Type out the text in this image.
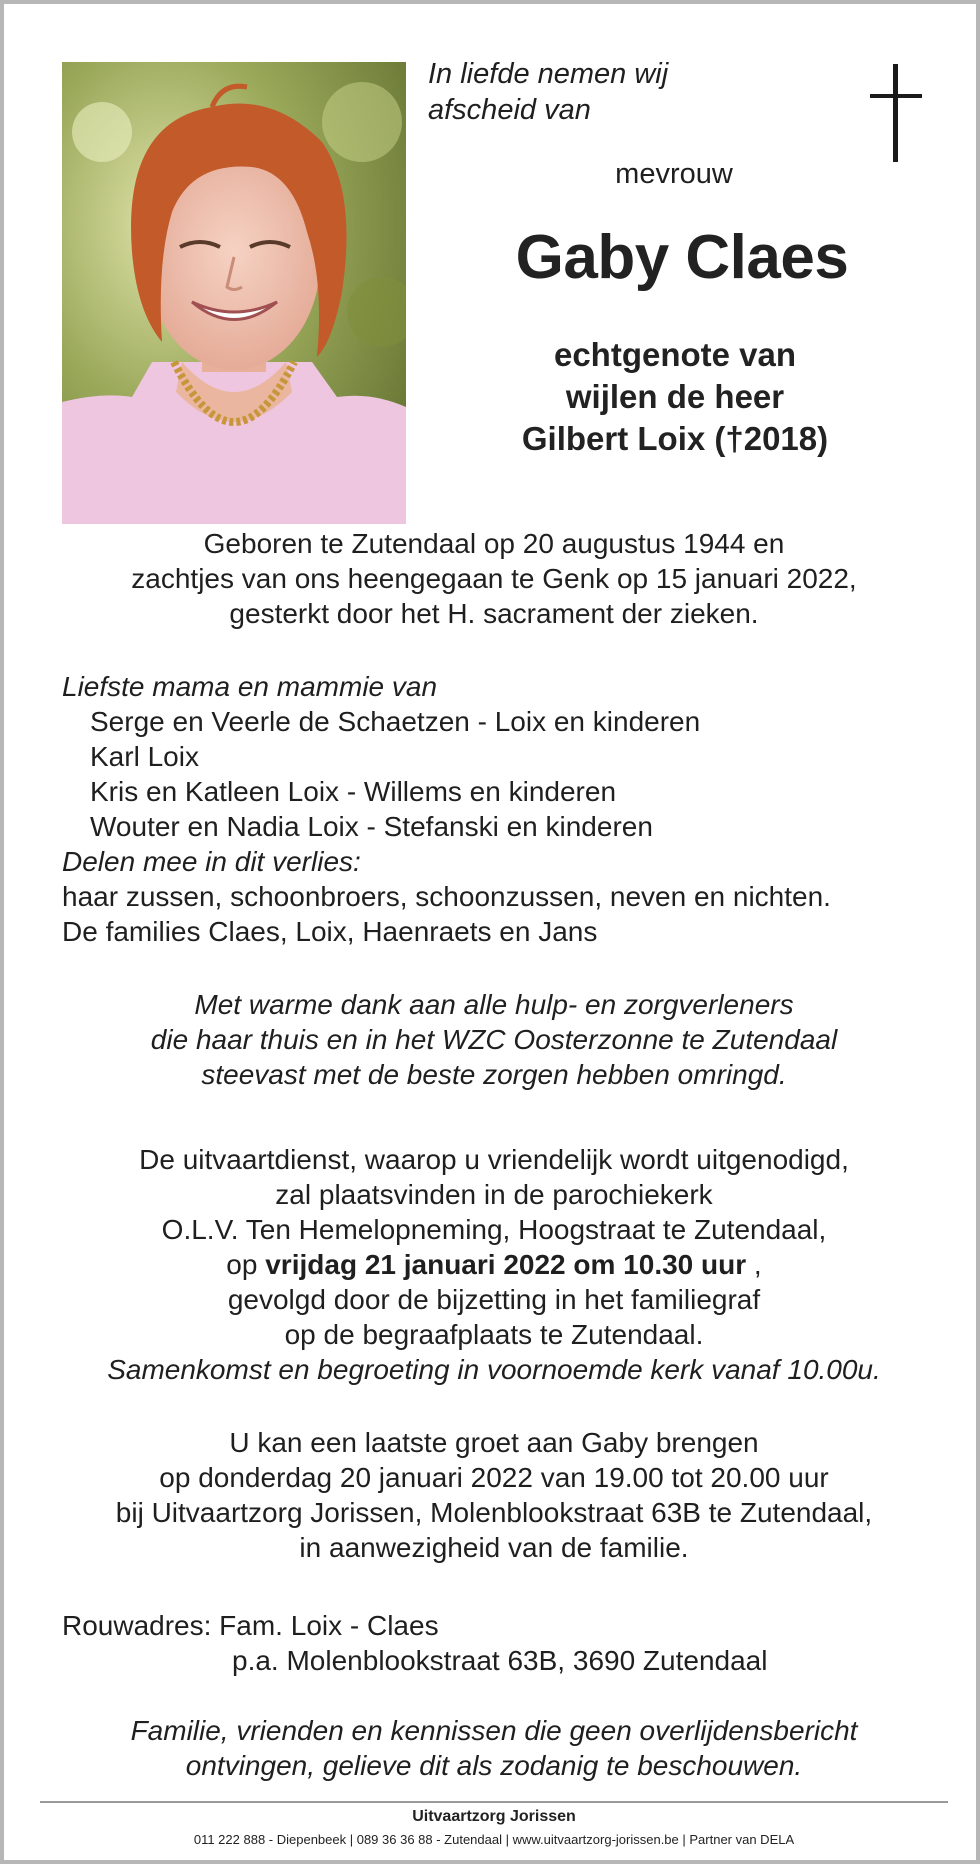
In liefde nemen wij
afscheid van
mevrouw
Gaby Claes
echtgenote van
wijlen de heer
Gilbert Loix (†2018)
Geboren te Zutendaal op 20 augustus 1944 en
zachtjes van ons heengegaan te Genk op 15 januari 2022,
gesterkt door het H. sacrament der zieken.
Liefste mama en mammie van
Serge en Veerle de Schaetzen - Loix en kinderen
Karl Loix
Kris en Katleen Loix - Willems en kinderen
Wouter en Nadia Loix - Stefanski en kinderen
Delen mee in dit verlies:
haar zussen, schoonbroers, schoonzussen, neven en nichten.
De families Claes, Loix, Haenraets en Jans
Met warme dank aan alle hulp- en zorgverleners
die haar thuis en in het WZC Oosterzonne te Zutendaal
steevast met de beste zorgen hebben omringd.
De uitvaartdienst, waarop u vriendelijk wordt uitgenodigd,
zal plaatsvinden in de parochiekerk
O.L.V. Ten Hemelopneming, Hoogstraat te Zutendaal,
op vrijdag 21 januari 2022 om 10.30 uur ,
gevolgd door de bijzetting in het familiegraf
op de begraafplaats te Zutendaal.
Samenkomst en begroeting in voornoemde kerk vanaf 10.00u.
U kan een laatste groet aan Gaby brengen
op donderdag 20 januari 2022 van 19.00 tot 20.00 uur
bij Uitvaartzorg Jorissen, Molenblookstraat 63B te Zutendaal,
in aanwezigheid van de familie.
Rouwadres: Fam. Loix - Claes
p.a. Molenblookstraat 63B, 3690 Zutendaal
Familie, vrienden en kennissen die geen overlijdensbericht
ontvingen, gelieve dit als zodanig te beschouwen.
Uitvaartzorg Jorissen
011 222 888 - Diepenbeek | 089 36 36 88 - Zutendaal | www.uitvaartzorg-jorissen.be | Partner van DELA
